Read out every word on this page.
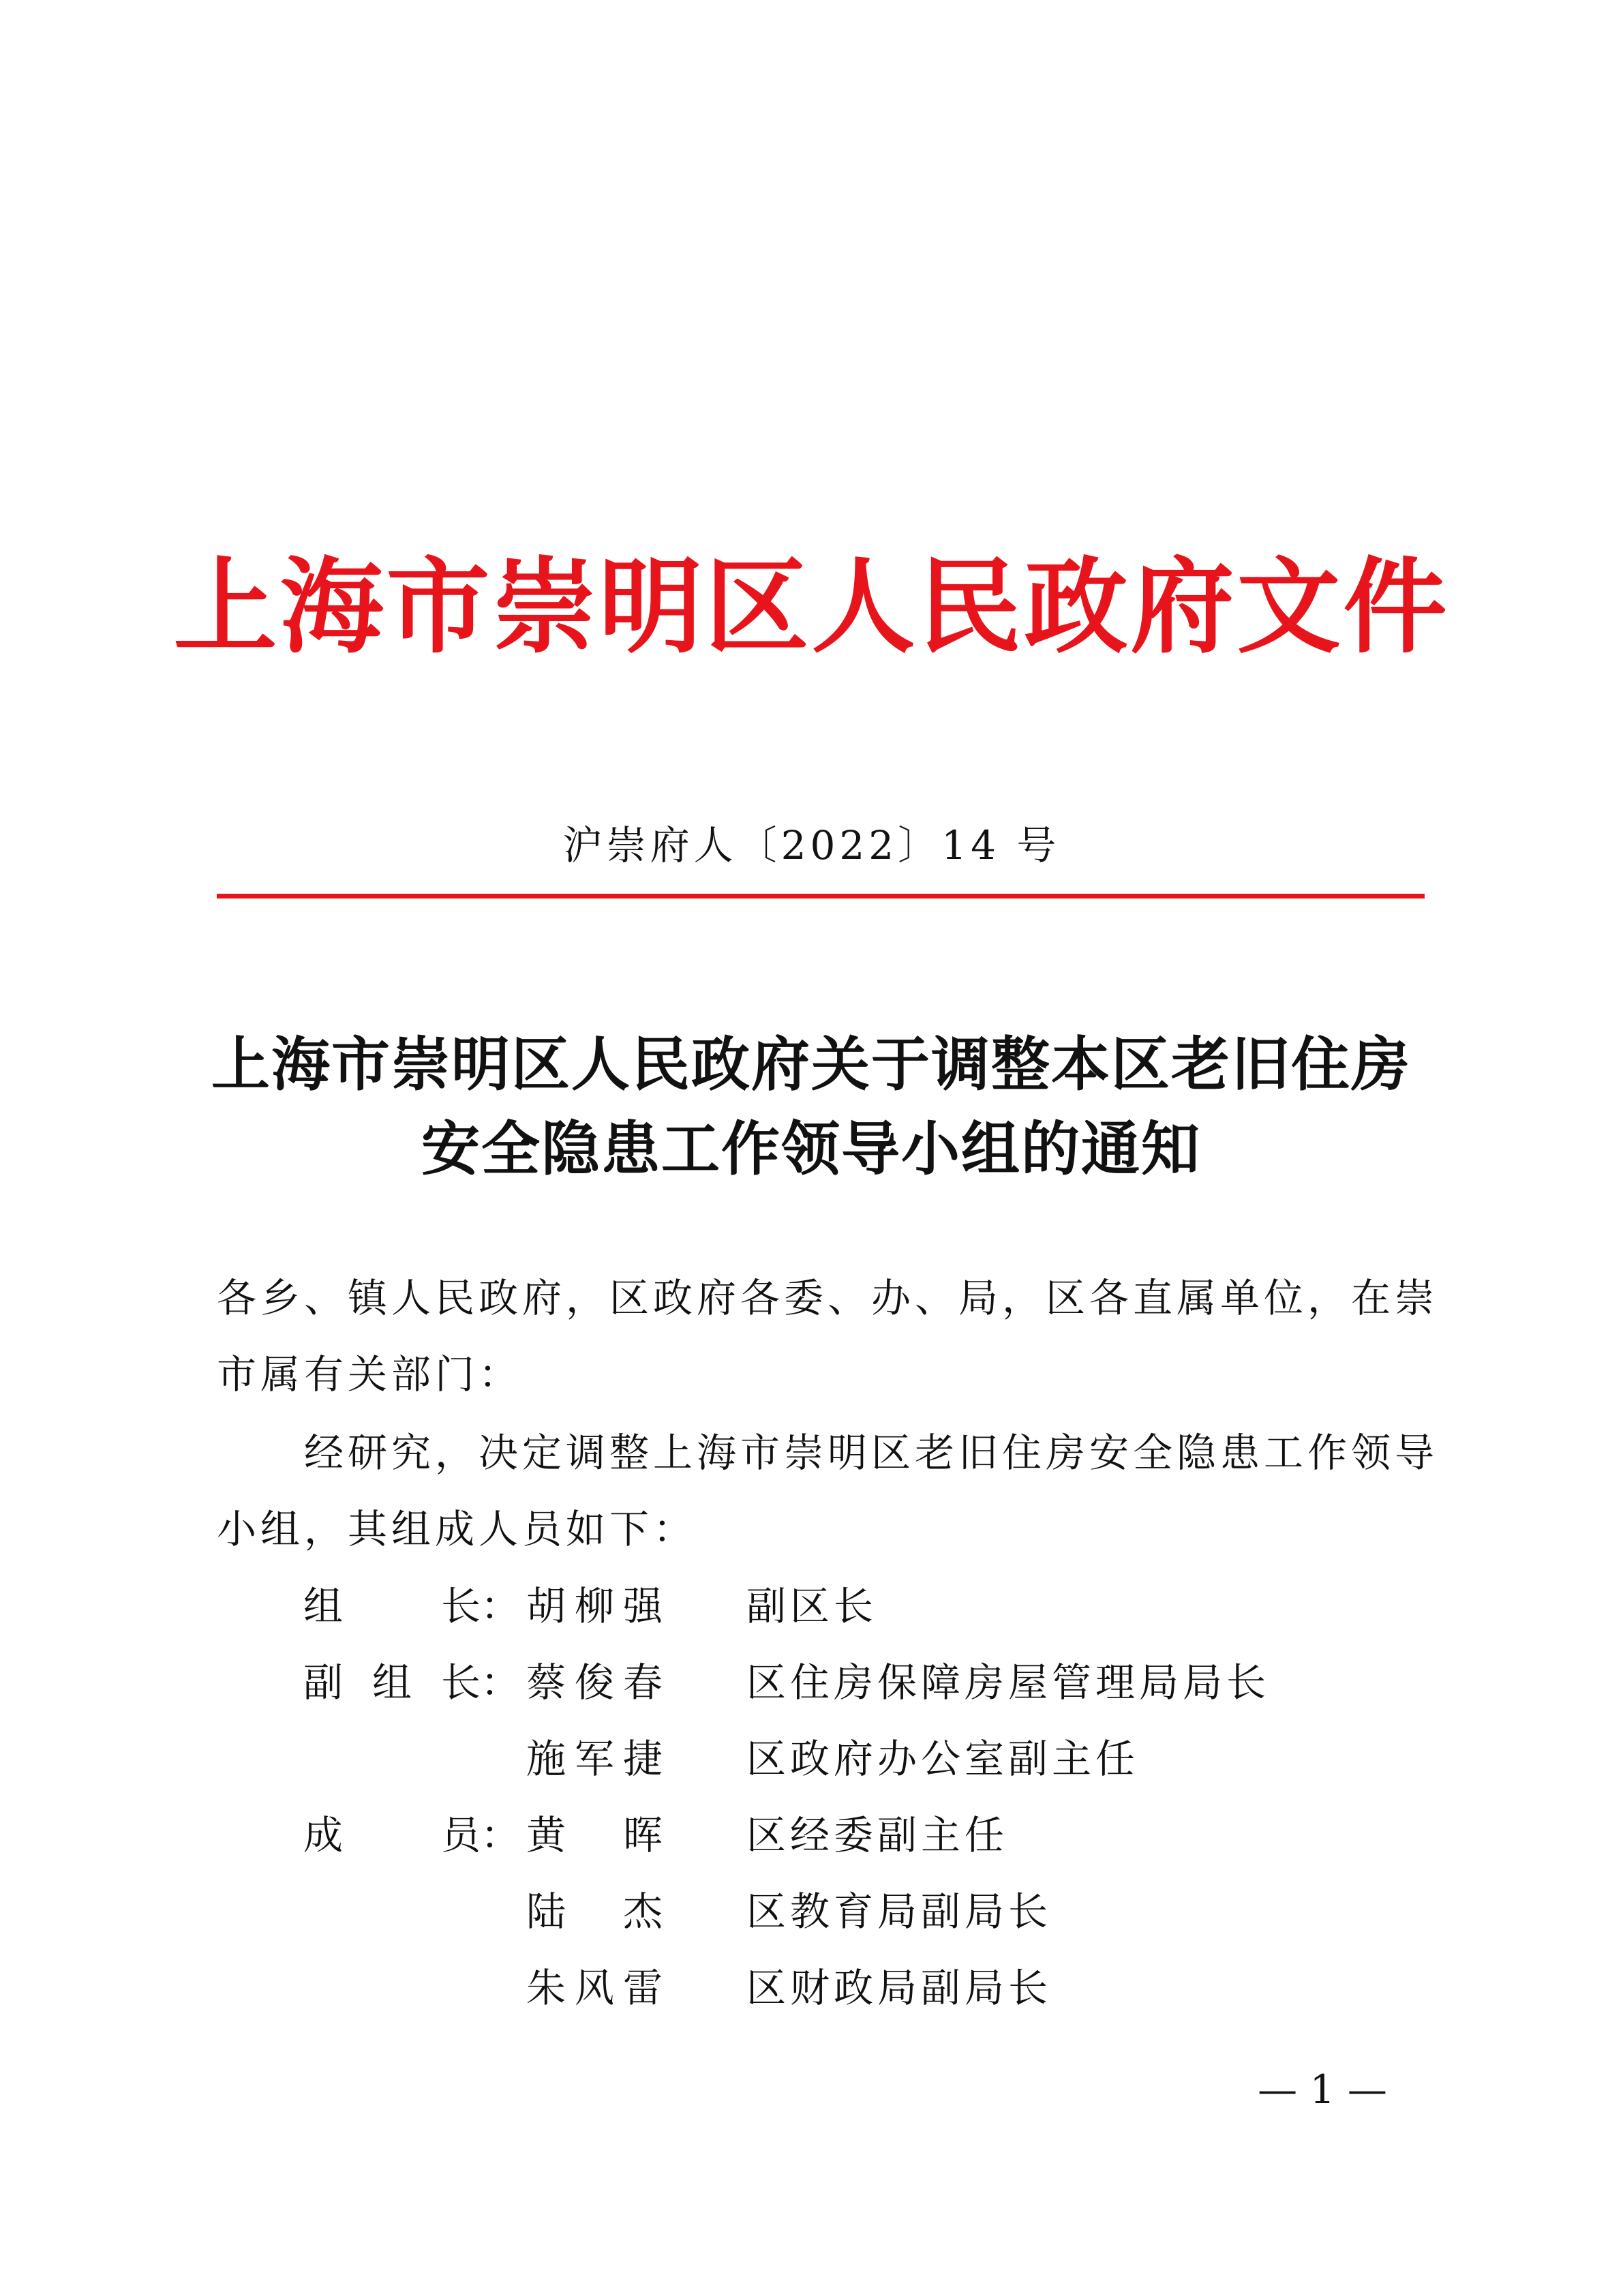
上海市崇明区人民政府文件
沪崇府人〔2022〕14 号
上海市崇明区人民政府关于调整本区老旧住房
安全隐患工作领导小组的通知
各乡、镇人民政府，区政府各委、办、局，区各直属单位，在崇
市属有关部门：
经研究，决定调整上海市崇明区老旧住房安全隐患工作领导
小组，其组成人员如下：
组长： 胡柳强 副区长
副组长： 蔡俊春 区住房保障房屋管理局局长
施军捷 区政府办公室副主任
成员： 黄晖 区经委副主任
陆杰 区教育局副局长
朱风雷 区财政局副局长
— 1 —
